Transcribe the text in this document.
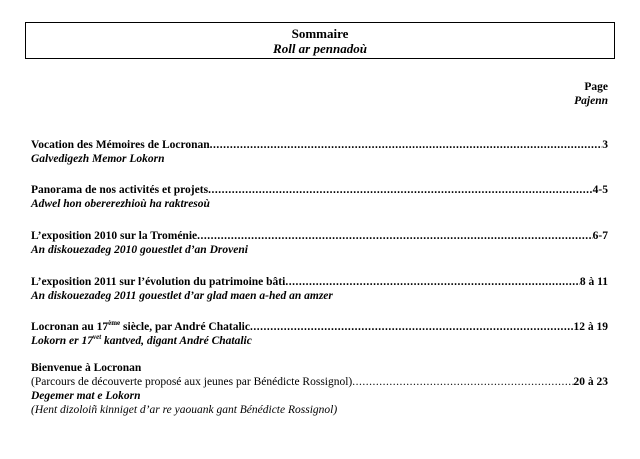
Sommaire
Roll ar pennadoù
Page
Pajenn
Vocation des Mémoires de Locronan .....	3
Galvedigezh Memor Lokorn
Panorama de nos activités et projets .....	4-5
Adwel hon obererezhioù ha raktresoù
L’exposition 2010 sur la Troménie .....	6-7
An diskouezadeg 2010 gouestlet d’an Droveni
L’exposition 2011 sur l’évolution du patrimoine bâti .....	8 à 11
An diskouezadeg 2011 gouestlet d’ar glad maen a-hed an amzer
Locronan au 17ème siècle, par André Chatalic .....	12 à 19
Lokorn er $17^{vet}$ kantved, digant André Chatalic
Bienvenue à Locronan
(Parcours de découverte proposé aux jeunes par Bénédicte Rossignol) .....	20 à 23
Degemer mat e Lokorn
(Hent dizoloiñ kinniget d’ar re yaouank gant Bénédicte Rossignol)
